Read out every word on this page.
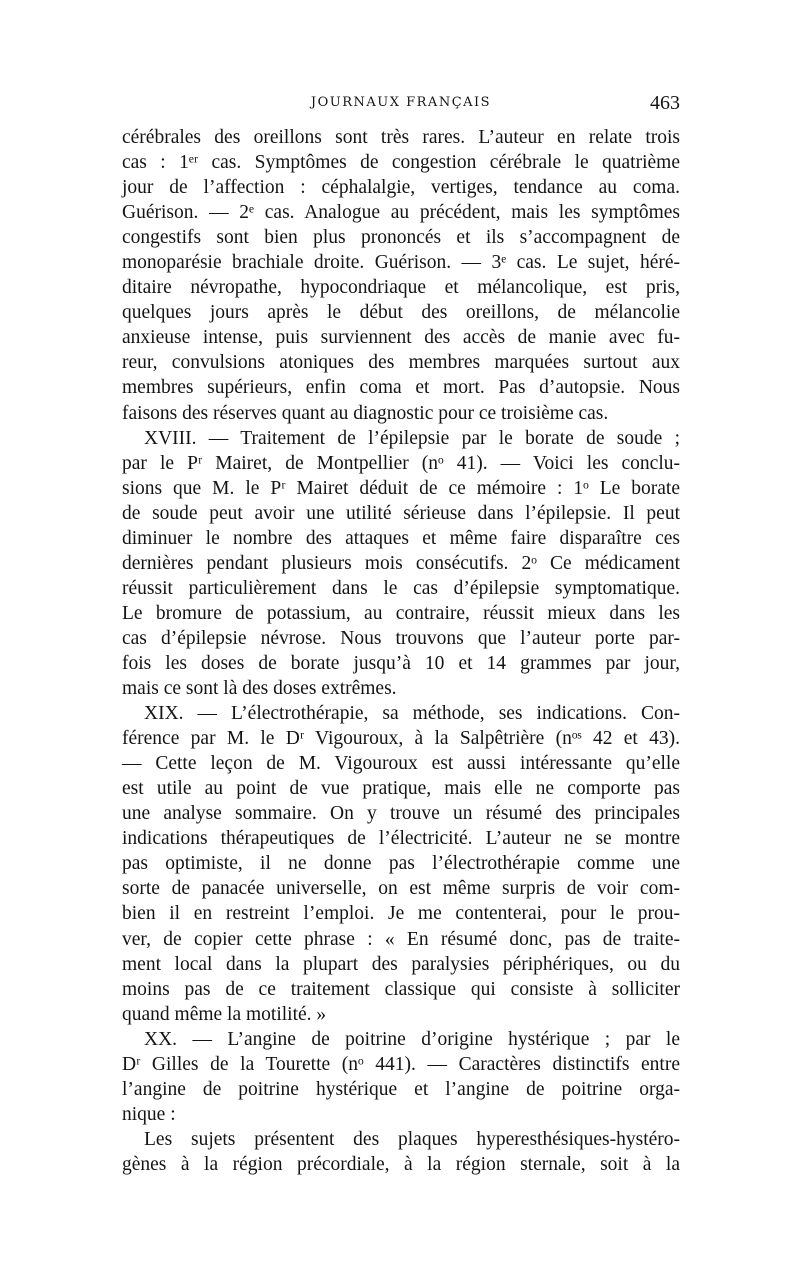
JOURNAUX FRANÇAIS	463
cérébrales des oreillons sont très rares. L’auteur en relate trois
cas : 1ᵉʳ cas. Symptômes de congestion cérébrale le quatrième
jour de l’affection : céphalalgie, vertiges, tendance au coma.
Guérison. — 2ᵉ cas. Analogue au précédent, mais les symptômes
congestifs sont bien plus prononcés et ils s’accompagnent de
monoparésie brachiale droite. Guérison. — 3ᵉ cas. Le sujet, héré-
ditaire névropathe, hypocondriaque et mélancolique, est pris,
quelques jours après le début des oreillons, de mélancolie
anxieuse intense, puis surviennent des accès de manie avec fu-
reur, convulsions atoniques des membres marquées surtout aux
membres supérieurs, enfin coma et mort. Pas d’autopsie. Nous
faisons des réserves quant au diagnostic pour ce troisième cas.
XVIII. — Traitement de l’épilepsie par le borate de soude ;
par le Pʳ Mairet, de Montpellier (nᵒ 41). — Voici les conclu-
sions que M. le Pʳ Mairet déduit de ce mémoire : 1ᵒ Le borate
de soude peut avoir une utilité sérieuse dans l’épilepsie. Il peut
diminuer le nombre des attaques et même faire disparaître ces
dernières pendant plusieurs mois consécutifs. 2ᵒ Ce médicament
réussit particulièrement dans le cas d’épilepsie symptomatique.
Le bromure de potassium, au contraire, réussit mieux dans les
cas d’épilepsie névrose. Nous trouvons que l’auteur porte par-
fois les doses de borate jusqu’à 10 et 14 grammes par jour,
mais ce sont là des doses extrêmes.
XIX. — L’électrothérapie, sa méthode, ses indications. Con-
férence par M. le Dʳ Vigouroux, à la Salpêtrière (nᵒˢ 42 et 43).
— Cette leçon de M. Vigouroux est aussi intéressante qu’elle
est utile au point de vue pratique, mais elle ne comporte pas
une analyse sommaire. On y trouve un résumé des principales
indications thérapeutiques de l’électricité. L’auteur ne se montre
pas optimiste, il ne donne pas l’électrothérapie comme une
sorte de panacée universelle, on est même surpris de voir com-
bien il en restreint l’emploi. Je me contenterai, pour le prou-
ver, de copier cette phrase : « En résumé donc, pas de traite-
ment local dans la plupart des paralysies périphériques, ou du
moins pas de ce traitement classique qui consiste à solliciter
quand même la motilité. »
XX. — L’angine de poitrine d’origine hystérique ; par le
Dʳ Gilles de la Tourette (nᵒ 441). — Caractères distinctifs entre
l’angine de poitrine hystérique et l’angine de poitrine orga-
nique :
Les sujets présentent des plaques hyperesthésiques-hystéro-
gènes à la région précordiale, à la région sternale, soit à la
